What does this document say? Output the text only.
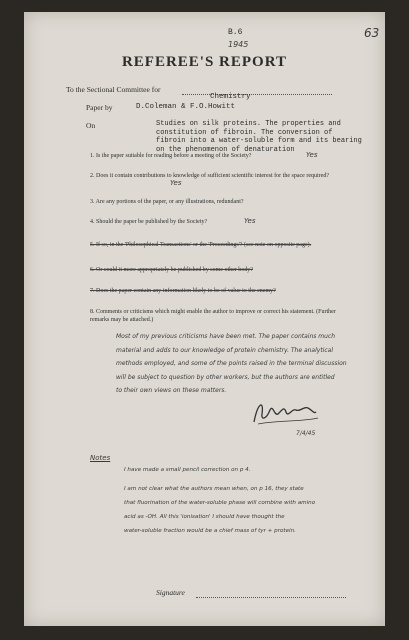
B.6
1945
63
REFEREE'S REPORT
To the Sectional Committee for
Chemistry
Paper by	D.Coleman & F.O.Howitt
On	Studies on silk proteins. The properties and
constitution of fibroin. The conversion of
fibroin into a water-soluble form and its bearing
on the phenomenon of denaturation
1. Is the paper suitable for reading before a meeting of the Society?	Yes
2. Does it contain contributions to knowledge of sufficient scientific interest for the space required?
Yes
3. Are any portions of the paper, or any illustrations, redundant?
4. Should the paper be published by the Society?	Yes
5. If so, in the 'Philosophical Transactions' or the 'Proceedings'? (see note on opposite page).
6. Or could it more appropriately be published by some other body?
7. Does the paper contain any information likely to be of value to the enemy?
8. Comments or criticisms which might enable the author to improve or correct his statement. (Further remarks may be attached.)
Most of my previous criticisms have been met. The paper contains much
material and adds to our knowledge of protein chemistry. The analytical
methods employed, and some of the points raised in the terminal discussion
will be subject to question by other workers, but the authors are entitled
to their own views on these matters.
7/4/45
Notes
I have made a small pencil correction on p 4.
I am not clear what the authors mean when, on p 16, they state
that fluorination of the water-soluble phase will combine with amino
acid as -OH. All this 'ionisation' I should have thought the
water-soluble fraction would be a chief mass of tyr + protein.
Signature
